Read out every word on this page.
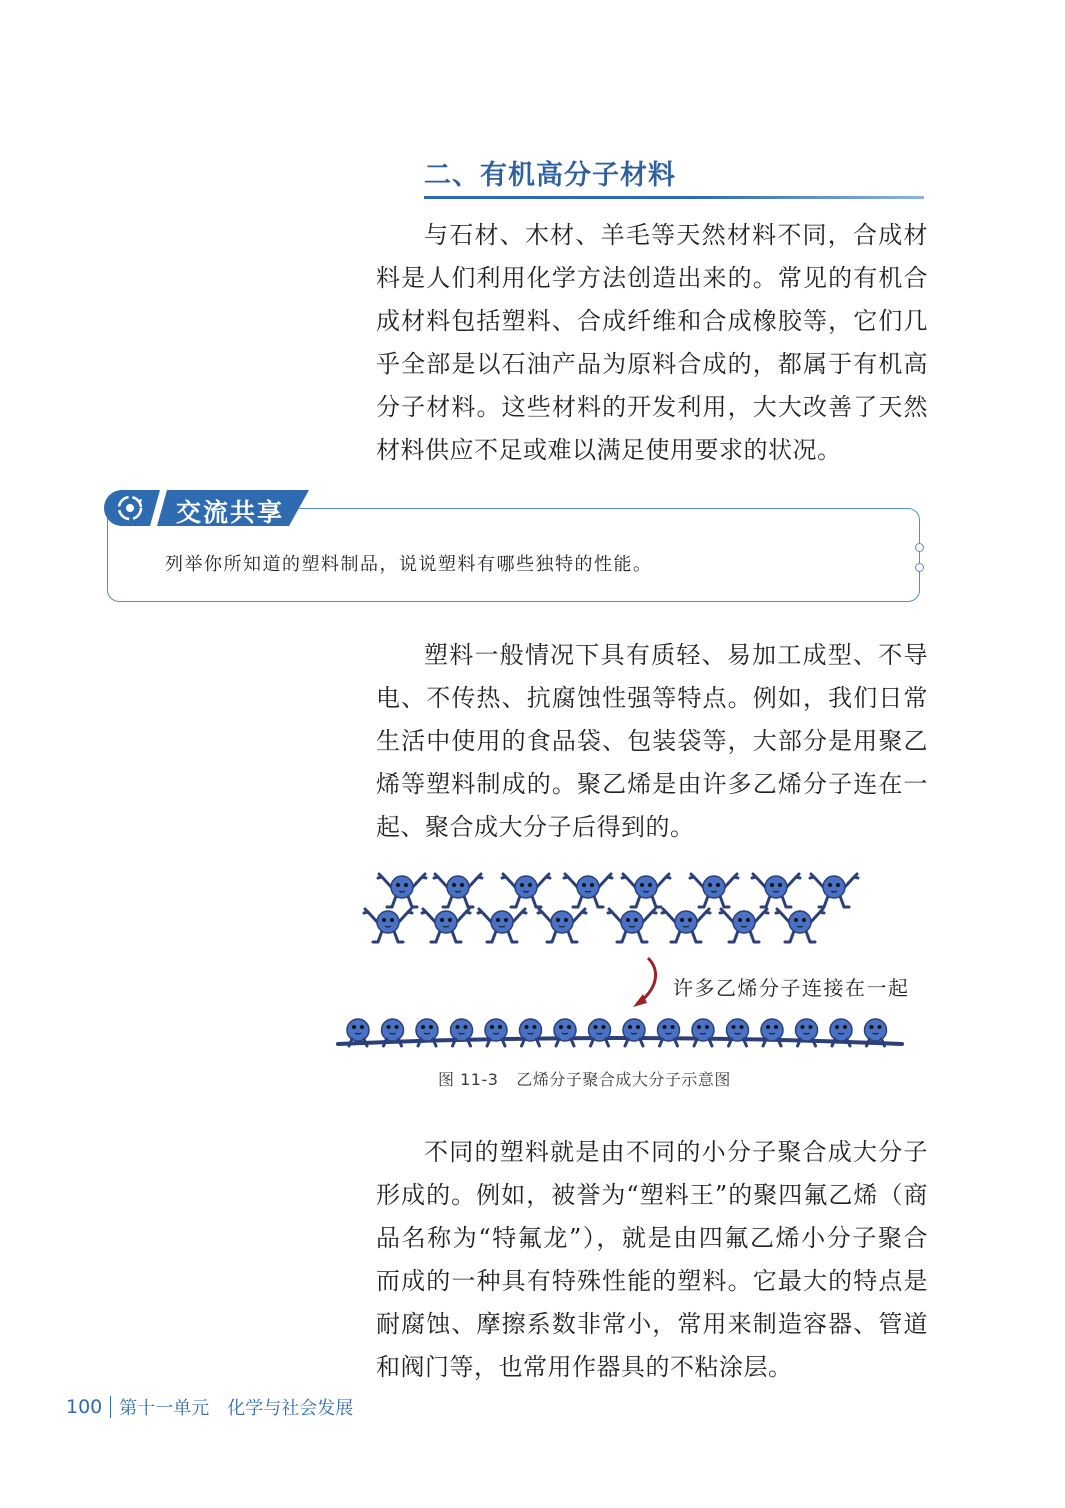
二、有机高分子材料

与石材、木材、羊毛等天然材料不同，合成材料是人们利用化学方法创造出来的。常见的有机合成材料包括塑料、合成纤维和合成橡胶等，它们几乎全部是以石油产品为原料合成的，都属于有机高分子材料。这些材料的开发利用，大大改善了天然材料供应不足或难以满足使用要求的状况。

交流共享

列举你所知道的塑料制品，说说塑料有哪些独特的性能。

塑料一般情况下具有质轻、易加工成型、不导电、不传热、抗腐蚀性强等特点。例如，我们日常生活中使用的食品袋、包装袋等，大部分是用聚乙烯等塑料制成的。聚乙烯是由许多乙烯分子连在一起、聚合成大分子后得到的。

许多乙烯分子连接在一起
图 11-3 乙烯分子聚合成大分子示意图

不同的塑料就是由不同的小分子聚合成大分子形成的。例如，被誉为“塑料王”的聚四氟乙烯（商品名称为“特氟龙”），就是由四氟乙烯小分子聚合而成的一种具有特殊性能的塑料。它最大的特点是耐腐蚀、摩擦系数非常小，常用来制造容器、管道和阀门等，也常用作器具的不粘涂层。

100 第十一单元 化学与社会发展
